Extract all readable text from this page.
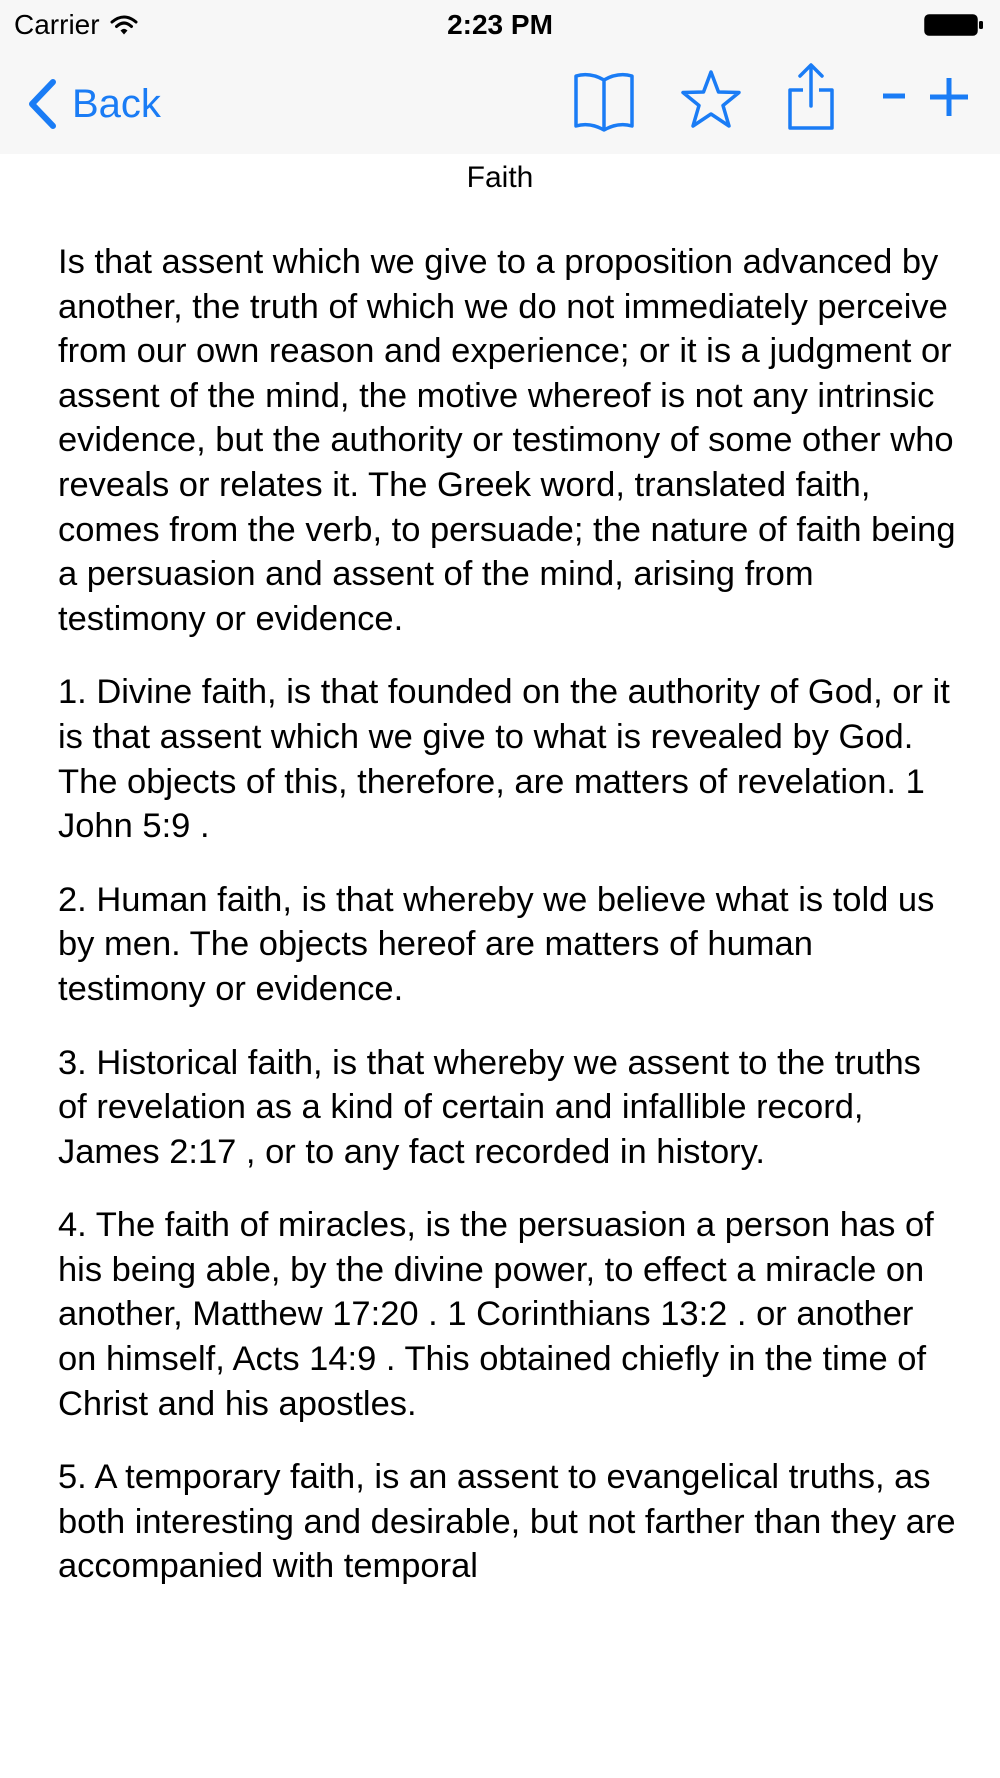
Carrier	2:23 PM
Back
Faith

Is that assent which we give to a proposition advanced by another, the truth of which we do not immediately perceive from our own reason and experience; or it is a judgment or assent of the mind, the motive whereof is not any intrinsic evidence, but the authority or testimony of some other who reveals or relates it. The Greek word, translated faith, comes from the verb, to persuade; the nature of faith being a persuasion and assent of the mind, arising from testimony or evidence.

1. Divine faith, is that founded on the authority of God, or it is that assent which we give to what is revealed by God. The objects of this, therefore, are matters of revelation. 1 John 5:9 .

2. Human faith, is that whereby we believe what is told us by men. The objects hereof are matters of human testimony or evidence.

3. Historical faith, is that whereby we assent to the truths of revelation as a kind of certain and infallible record, James 2:17 , or to any fact recorded in history.

4. The faith of miracles, is the persuasion a person has of his being able, by the divine power, to effect a miracle on another, Matthew 17:20 . 1 Corinthians 13:2 . or another on himself, Acts 14:9 . This obtained chiefly in the time of Christ and his apostles.

5. A temporary faith, is an assent to evangelical truths, as both interesting and desirable, but not farther than they are accompanied with temporal
